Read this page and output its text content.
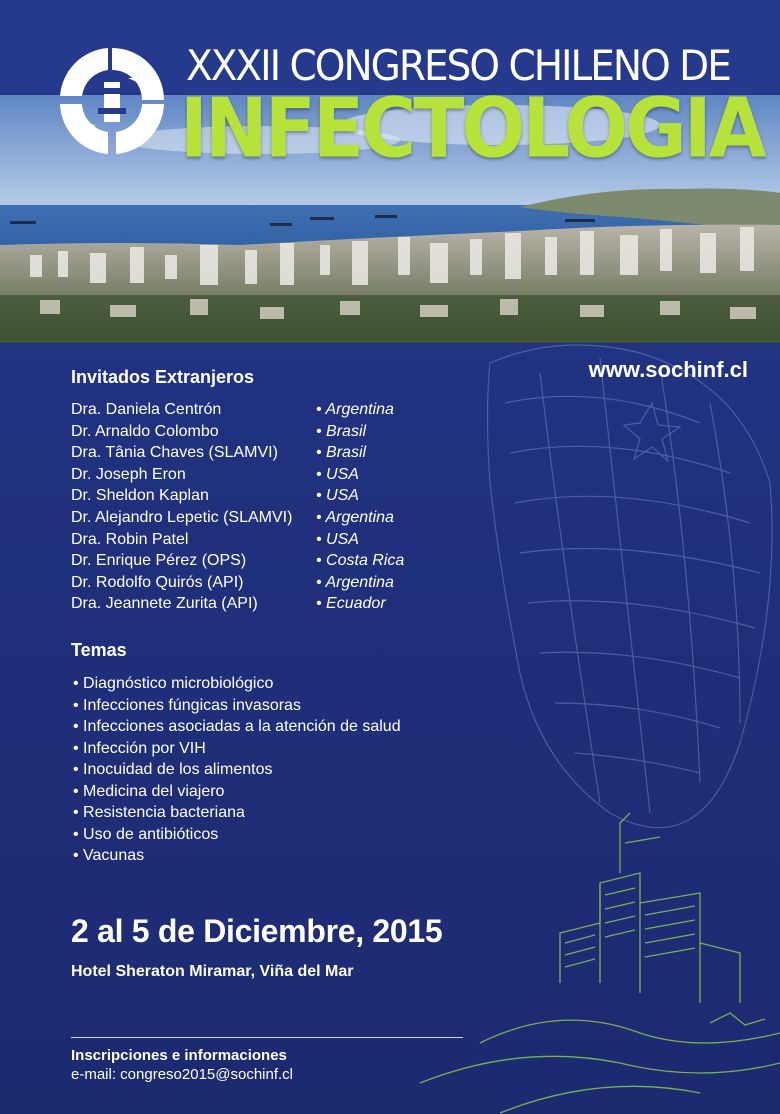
XXXII CONGRESO CHILENO DE
INFECTOLOGIA
www.sochinf.cl
Invitados Extranjeros
Dra. Daniela Centrón	• Argentina
Dr. Arnaldo Colombo	• Brasil
Dra. Tânia Chaves (SLAMVI)	• Brasil
Dr. Joseph Eron	• USA
Dr. Sheldon Kaplan	• USA
Dr. Alejandro Lepetic (SLAMVI)	• Argentina
Dra. Robin Patel	• USA
Dr. Enrique Pérez (OPS)	• Costa Rica
Dr. Rodolfo Quirós (API)	• Argentina
Dra. Jeannete Zurita (API)	• Ecuador
Temas
• Diagnóstico microbiológico
• Infecciones fúngicas invasoras
• Infecciones asociadas a la atención de salud
• Infección por VIH
• Inocuidad de los alimentos
• Medicina del viajero
• Resistencia bacteriana
• Uso de antibióticos
• Vacunas
2 al 5 de Diciembre, 2015
Hotel Sheraton Miramar, Viña del Mar
Inscripciones e informaciones
e-mail: congreso2015@sochinf.cl
